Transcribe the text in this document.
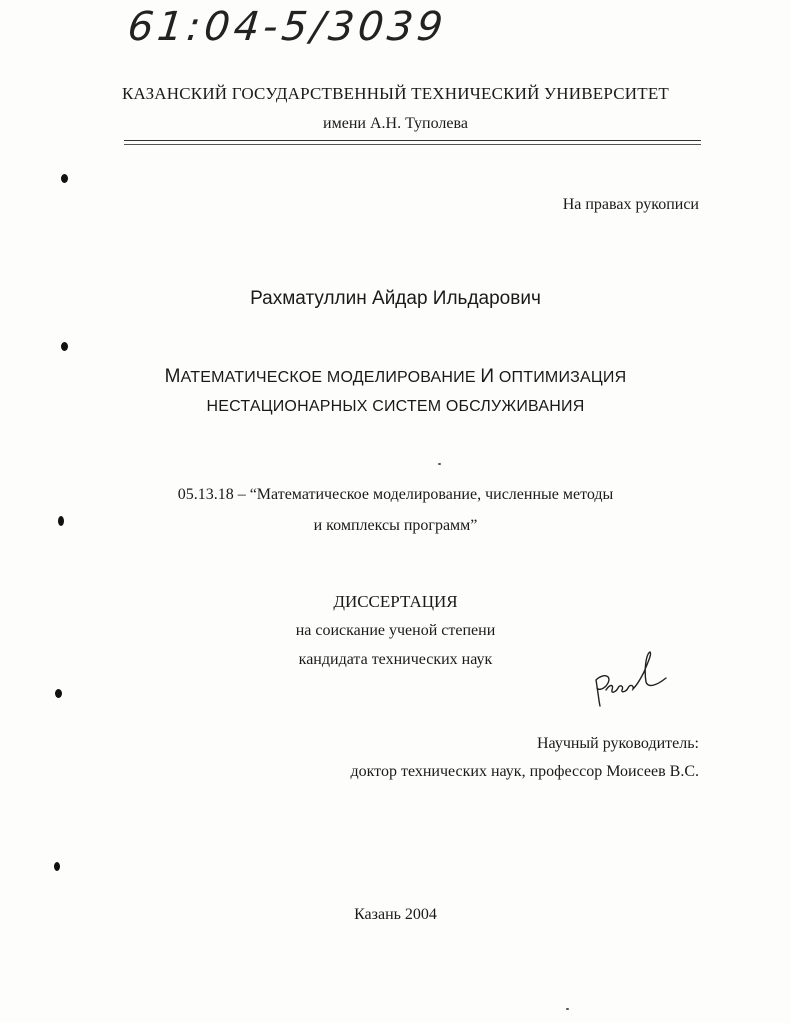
61:04-5/3039
КАЗАНСКИЙ ГОСУДАРСТВЕННЫЙ ТЕХНИЧЕСКИЙ УНИВЕРСИТЕТ
имени А.Н. Туполева
На правах рукописи
Рахматуллин Айдар Ильдарович
МАТЕМАТИЧЕСКОЕ МОДЕЛИРОВАНИЕ И ОПТИМИЗАЦИЯ
НЕСТАЦИОНАРНЫХ СИСТЕМ ОБСЛУЖИВАНИЯ
05.13.18 – “Математическое моделирование, численные методы
и комплексы программ”
ДИССЕРТАЦИЯ
на соискание ученой степени
кандидата технических наук
Научный руководитель:
доктор технических наук, профессор Моисеев В.С.
Казань 2004
